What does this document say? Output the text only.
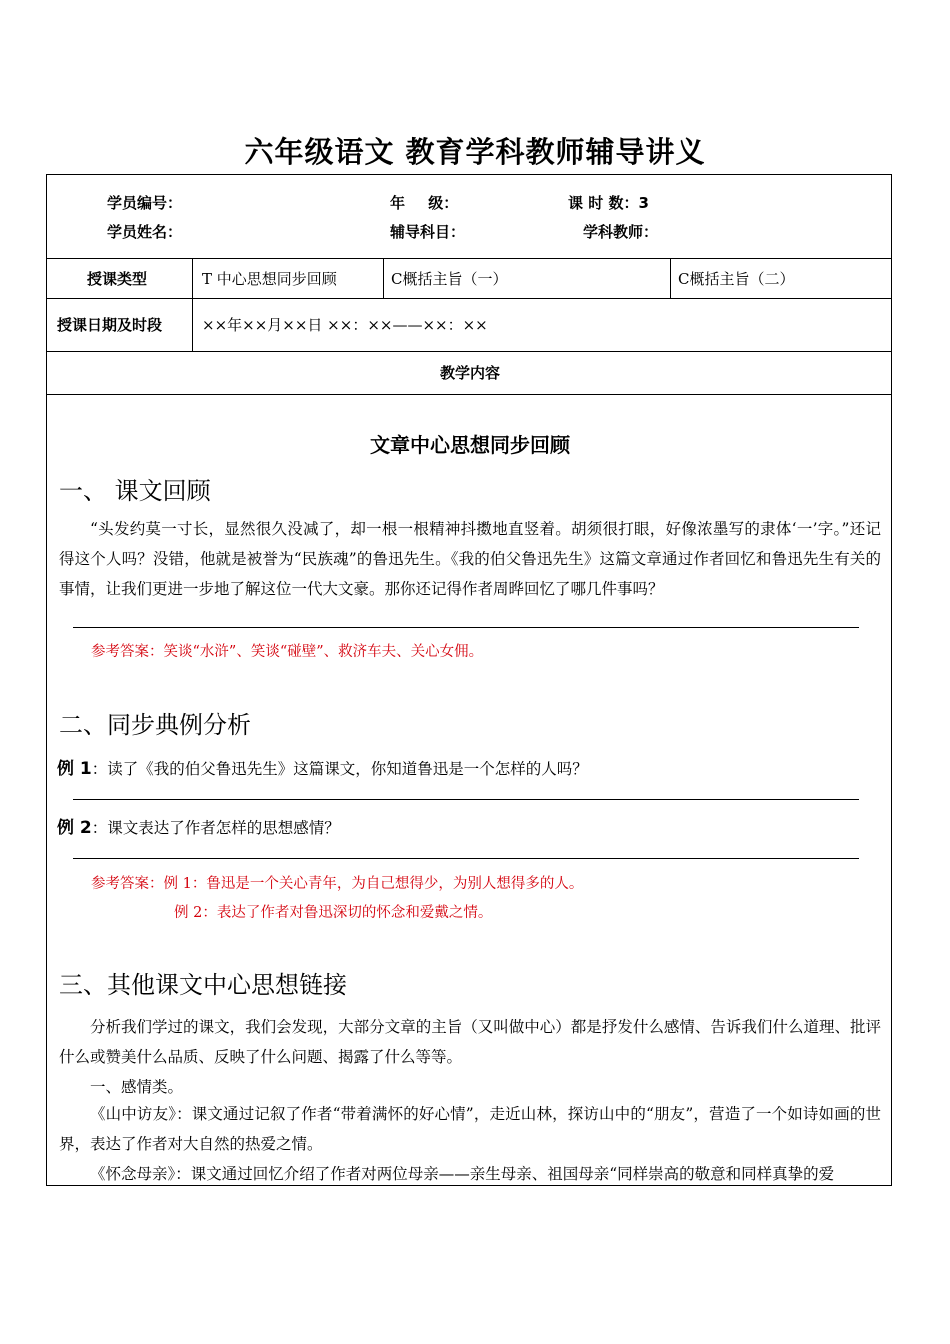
六年级语文 教育学科教师辅导讲义
学员编号：	年 级：	课 时 数：3
学员姓名：	辅导科目：	学科教师：
授课类型	T 中心思想同步回顾	C概括主旨（一）	C概括主旨（二）
授课日期及时段	××年××月××日 ××：××——××：××
教学内容
文章中心思想同步回顾
一、 课文回顾
“头发约莫一寸长，显然很久没减了，却一根一根精神抖擞地直竖着。胡须很打眼，好像浓墨写的隶体‘一’字。”还记得这个人吗？没错，他就是被誉为“民族魂”的鲁迅先生。《我的伯父鲁迅先生》这篇文章通过作者回忆和鲁迅先生有关的事情，让我们更进一步地了解这位一代大文豪。那你还记得作者周晔回忆了哪几件事吗？
参考答案：笑谈“水浒”、笑谈“碰壁”、救济车夫、关心女佣。
二、同步典例分析
例 1：读了《我的伯父鲁迅先生》这篇课文，你知道鲁迅是一个怎样的人吗？
例 2：课文表达了作者怎样的思想感情？
参考答案：例 1：鲁迅是一个关心青年，为自己想得少，为别人想得多的人。
例 2：表达了作者对鲁迅深切的怀念和爱戴之情。
三、其他课文中心思想链接
分析我们学过的课文，我们会发现，大部分文章的主旨（又叫做中心）都是抒发什么感情、告诉我们什么道理、批评什么或赞美什么品质、反映了什么问题、揭露了什么等等。
一、感情类。
《山中访友》：课文通过记叙了作者“带着满怀的好心情”，走近山林，探访山中的“朋友”，营造了一个如诗如画的世界，表达了作者对大自然的热爱之情。
《怀念母亲》：课文通过回忆介绍了作者对两位母亲——亲生母亲、祖国母亲“同样崇高的敬意和同样真挚的爱
